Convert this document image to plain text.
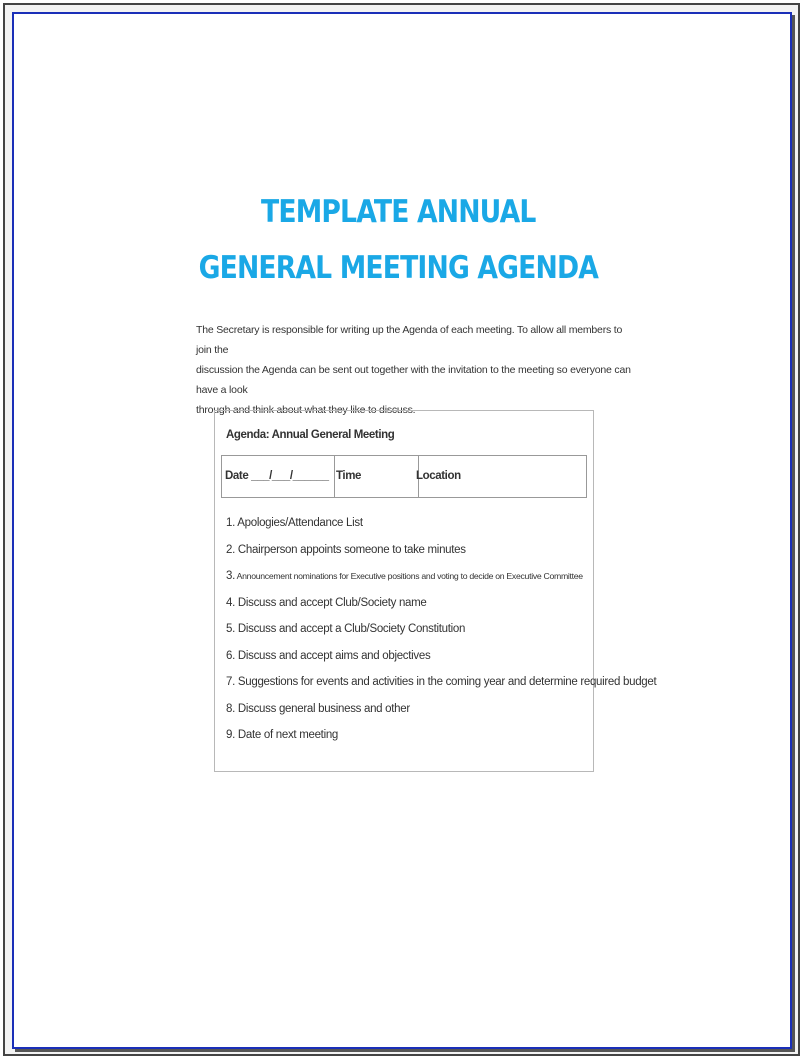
TEMPLATE ANNUAL
GENERAL MEETING AGENDA
The Secretary is responsible for writing up the Agenda of each meeting. To allow all members to join the
discussion the Agenda can be sent out together with the invitation to the meeting so everyone can have a look
through and think about what they like to discuss.
Agenda: Annual General Meeting
Date ___/___/______ Time	Location
1. Apologies/Attendance List
2. Chairperson appoints someone to take minutes
3. Announcement nominations for Executive positions and voting to decide on Executive Committee
4. Discuss and accept Club/Society name
5. Discuss and accept a Club/Society Constitution
6. Discuss and accept aims and objectives
7. Suggestions for events and activities in the coming year and determine required budget
8. Discuss general business and other
9. Date of next meeting
